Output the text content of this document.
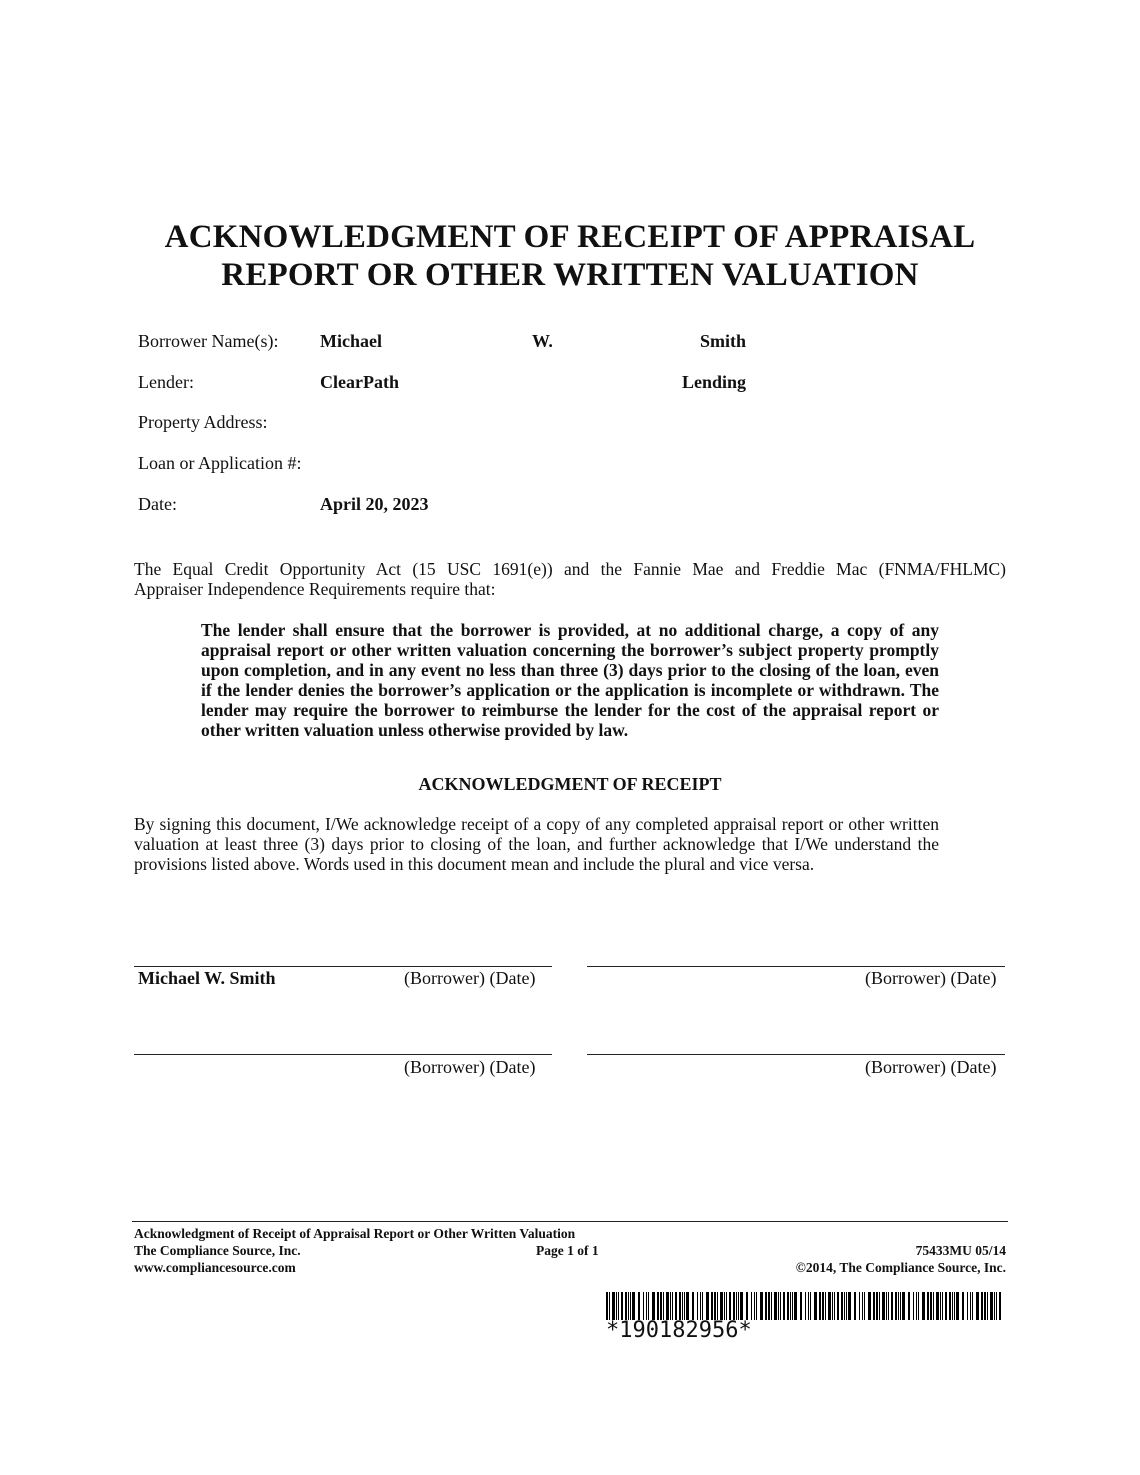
ACKNOWLEDGMENT OF RECEIPT OF APPRAISAL
REPORT OR OTHER WRITTEN VALUATION
Borrower Name(s): Michael	W.	Smith
Lender:	ClearPath	Lending
Property Address:
Loan or Application #:
Date:	April 20, 2023
The Equal Credit Opportunity Act (15 USC 1691(e)) and the Fannie Mae and Freddie Mac (FNMA/FHLMC)
Appraiser Independence Requirements require that:
The lender shall ensure that the borrower is provided, at no additional charge, a copy of any appraisal report or other written valuation concerning the borrower’s subject property promptly upon completion, and in any event no less than three (3) days prior to the closing of the loan, even if the lender denies the borrower’s application or the application is incomplete or withdrawn. The lender may require the borrower to reimburse the lender for the cost of the appraisal report or other written valuation unless otherwise provided by law.
ACKNOWLEDGMENT OF RECEIPT
By signing this document, I/We acknowledge receipt of a copy of any completed appraisal report or other written valuation at least three (3) days prior to closing of the loan, and further acknowledge that I/We understand the provisions listed above. Words used in this document mean and include the plural and vice versa.
Michael W. Smith	(Borrower) (Date)	(Borrower) (Date)
(Borrower) (Date)	(Borrower) (Date)
Acknowledgment of Receipt of Appraisal Report or Other Written Valuation
The Compliance Source, Inc.
www.compliancesource.com
Page 1 of 1	75433MU 05/14
©2014, The Compliance Source, Inc.
*190182956*
